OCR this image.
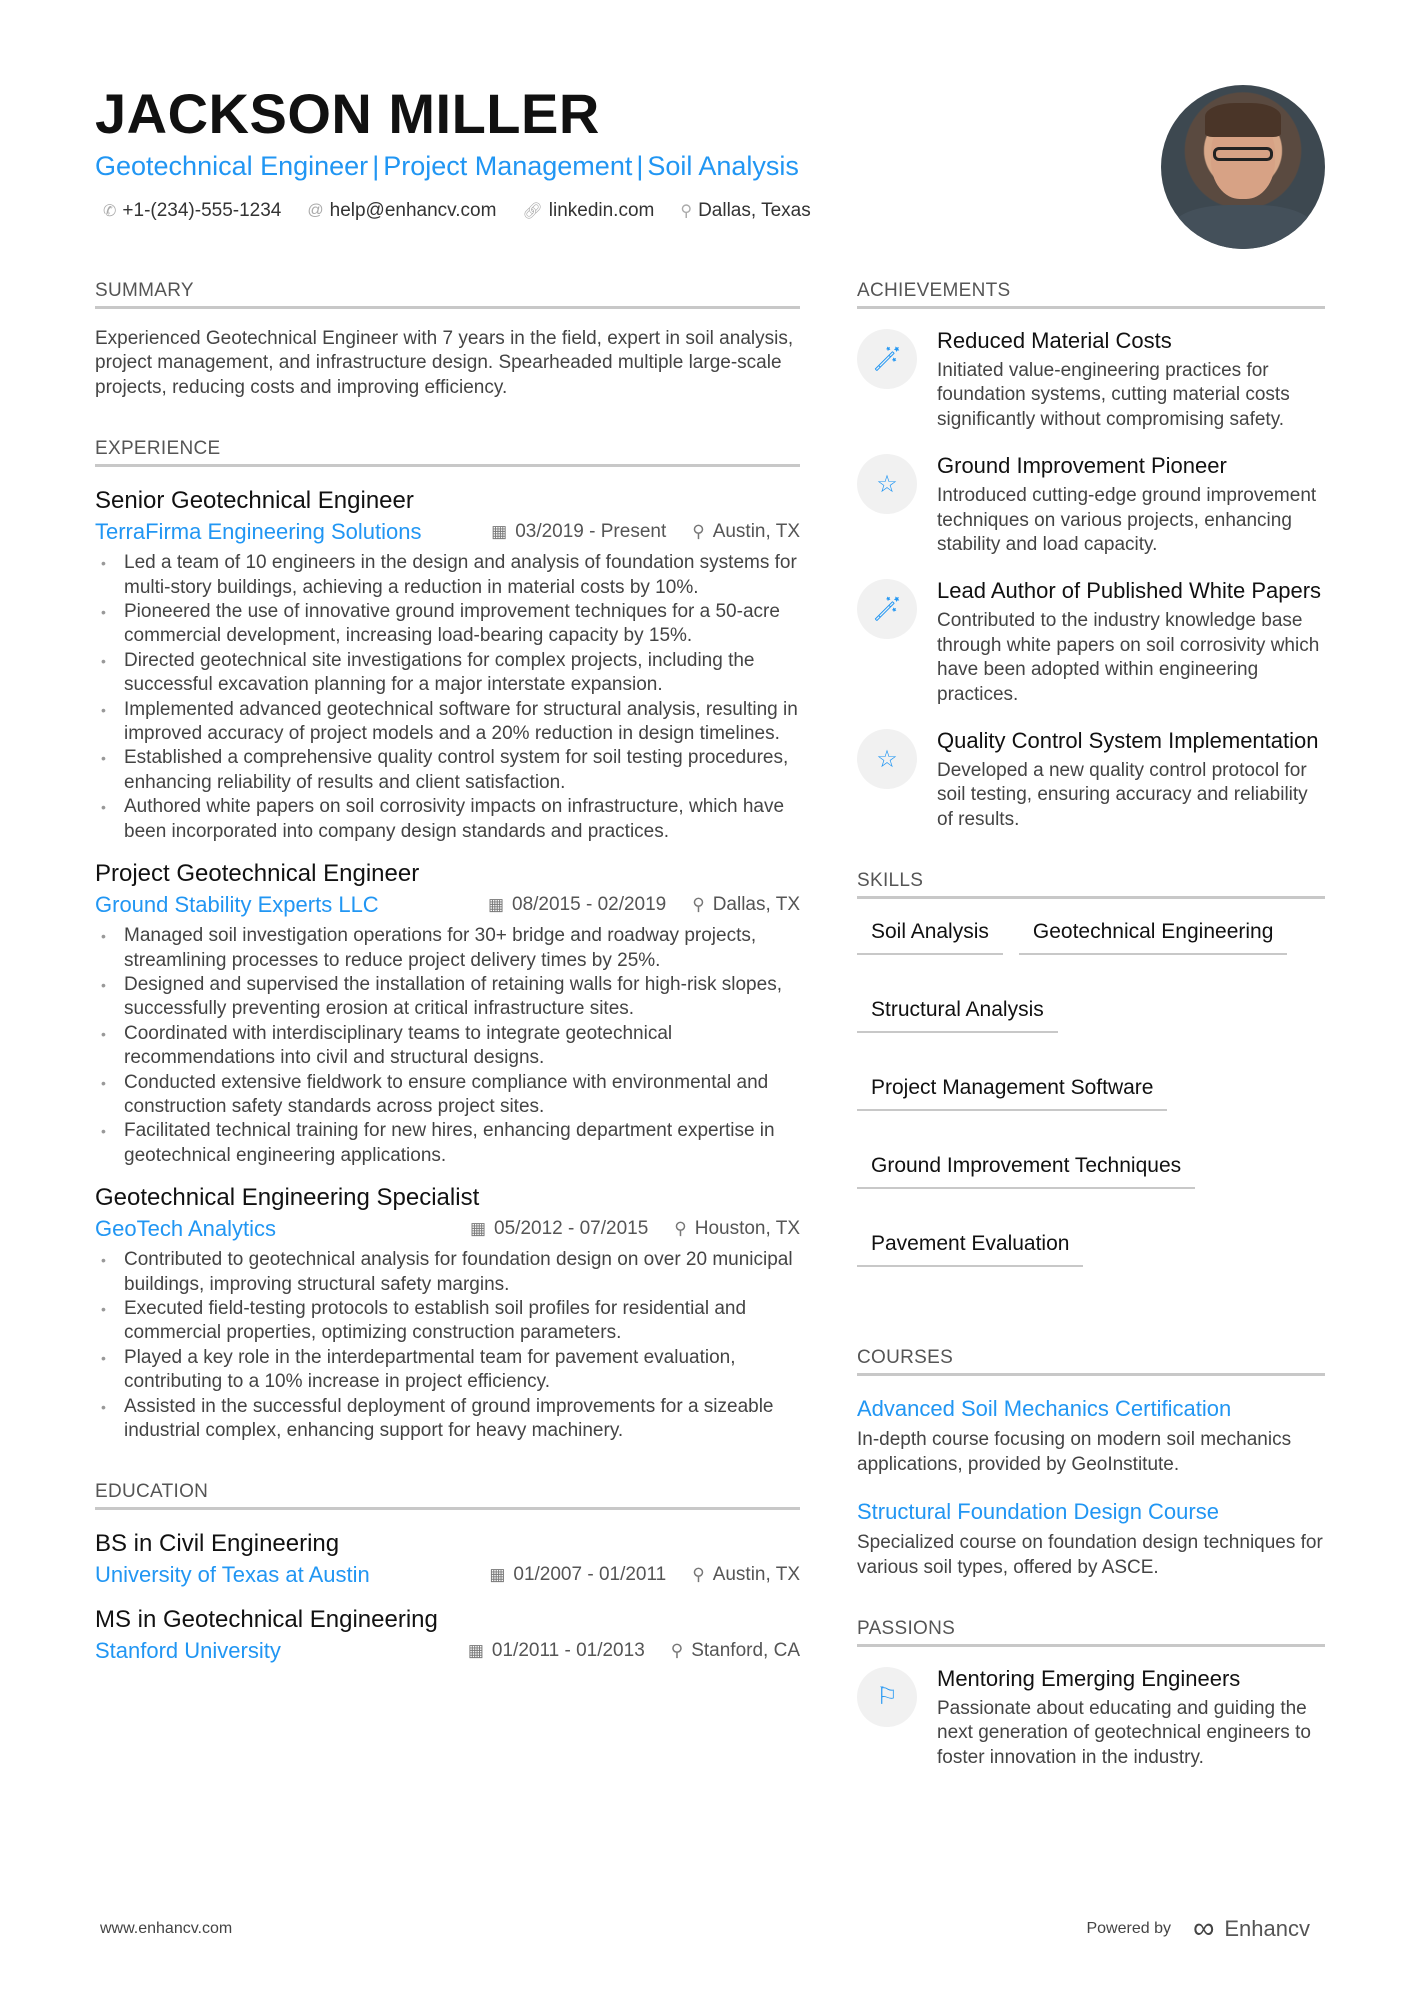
JACKSON MILLER
Geotechnical Engineer | Project Management | Soil Analysis
✆ +1-(234)-555-1234 @ help@enhancv.com 🔗︎ linkedin.com ⚲ Dallas, Texas
SUMMARY
Experienced Geotechnical Engineer with 7 years in the field, expert in soil analysis, project management, and infrastructure design. Spearheaded multiple large-scale projects, reducing costs and improving efficiency.
EXPERIENCE
Senior Geotechnical Engineer
TerraFirma Engineering Solutions	▦ 03/2019 - Present ⚲ Austin, TX
• Led a team of 10 engineers in the design and analysis of foundation systems for multi-story buildings, achieving a reduction in material costs by 10%.
• Pioneered the use of innovative ground improvement techniques for a 50-acre commercial development, increasing load-bearing capacity by 15%.
• Directed geotechnical site investigations for complex projects, including the successful excavation planning for a major interstate expansion.
• Implemented advanced geotechnical software for structural analysis, resulting in improved accuracy of project models and a 20% reduction in design timelines.
• Established a comprehensive quality control system for soil testing procedures, enhancing reliability of results and client satisfaction.
• Authored white papers on soil corrosivity impacts on infrastructure, which have been incorporated into company design standards and practices.
Project Geotechnical Engineer
Ground Stability Experts LLC	▦ 08/2015 - 02/2019 ⚲ Dallas, TX
• Managed soil investigation operations for 30+ bridge and roadway projects, streamlining processes to reduce project delivery times by 25%.
• Designed and supervised the installation of retaining walls for high-risk slopes, successfully preventing erosion at critical infrastructure sites.
• Coordinated with interdisciplinary teams to integrate geotechnical recommendations into civil and structural designs.
• Conducted extensive fieldwork to ensure compliance with environmental and construction safety standards across project sites.
• Facilitated technical training for new hires, enhancing department expertise in geotechnical engineering applications.
Geotechnical Engineering Specialist
GeoTech Analytics	▦ 05/2012 - 07/2015 ⚲ Houston, TX
• Contributed to geotechnical analysis for foundation design on over 20 municipal buildings, improving structural safety margins.
• Executed field-testing protocols to establish soil profiles for residential and commercial properties, optimizing construction parameters.
• Played a key role in the interdepartmental team for pavement evaluation, contributing to a 10% increase in project efficiency.
• Assisted in the successful deployment of ground improvements for a sizeable industrial complex, enhancing support for heavy machinery.
EDUCATION
BS in Civil Engineering
University of Texas at Austin	▦ 01/2007 - 01/2011 ⚲ Austin, TX
MS in Geotechnical Engineering
Stanford University	▦ 01/2011 - 01/2013 ⚲ Stanford, CA
ACHIEVEMENTS
🪄︎
Reduced Material Costs
Initiated value-engineering practices for foundation systems, cutting material costs significantly without compromising safety.
☆
Ground Improvement Pioneer
Introduced cutting-edge ground improvement techniques on various projects, enhancing stability and load capacity.
🪄︎
Lead Author of Published White Papers
Contributed to the industry knowledge base through white papers on soil corrosivity which have been adopted within engineering practices.
☆
Quality Control System Implementation
Developed a new quality control protocol for soil testing, ensuring accuracy and reliability of results.
SKILLS
Soil Analysis	Geotechnical Engineering
Structural Analysis
Project Management Software
Ground Improvement Techniques
Pavement Evaluation
COURSES
Advanced Soil Mechanics Certification
In-depth course focusing on modern soil mechanics applications, provided by GeoInstitute.
Structural Foundation Design Course
Specialized course on foundation design techniques for various soil types, offered by ASCE.
PASSIONS
⚐
Mentoring Emerging Engineers
Passionate about educating and guiding the next generation of geotechnical engineers to foster innovation in the industry.
www.enhancv.com	Powered by ∞ Enhancv
